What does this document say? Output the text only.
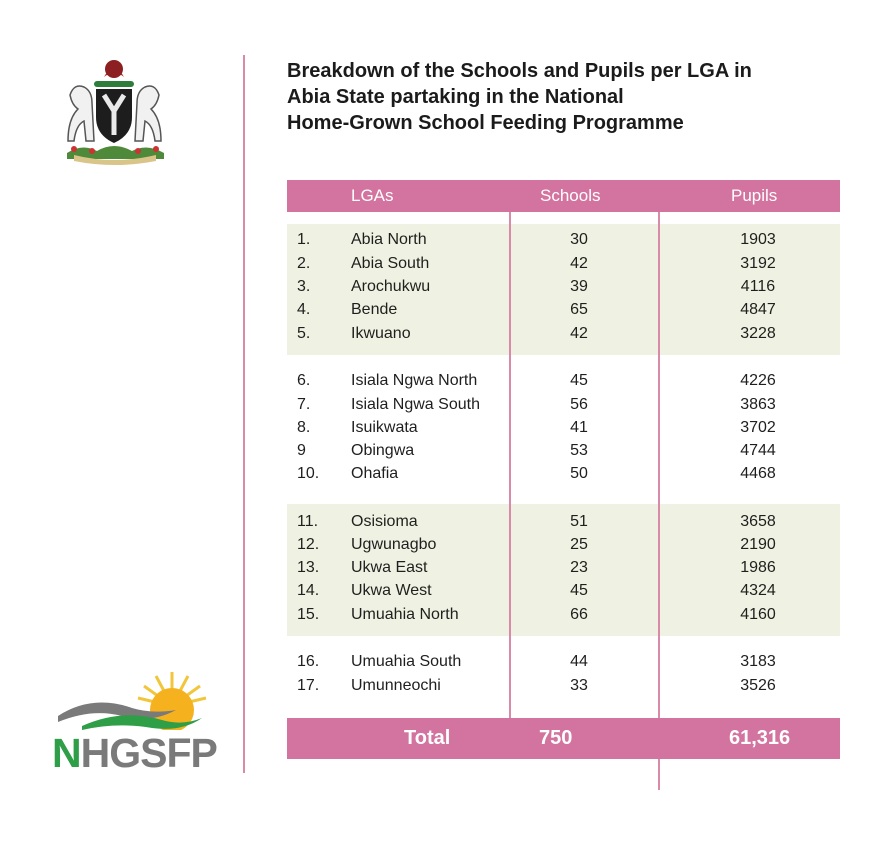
NHGSFP
Breakdown of the Schools and Pupils per LGA in
Abia State partaking in the National
Home-Grown School Feeding Programme
LGAs	Schools	Pupils
1.	Abia North	30	1903
2.	Abia South	42	3192
3.	Arochukwu	39	4116
4.	Bende	65	4847
5.	Ikwuano	42	3228
6.	Isiala Ngwa North	45	4226
7.	Isiala Ngwa South	56	3863
8.	Isuikwata	41	3702
9	Obingwa	53	4744
10. Ohafia	50	4468
11. Osisioma	51	3658
12. Ugwunagbo	25	2190
13. Ukwa East	23	1986
14. Ukwa West	45	4324
15. Umuahia North	66	4160
16. Umuahia South	44	3183
17. Umunneochi	33	3526
Total	750	61,316
